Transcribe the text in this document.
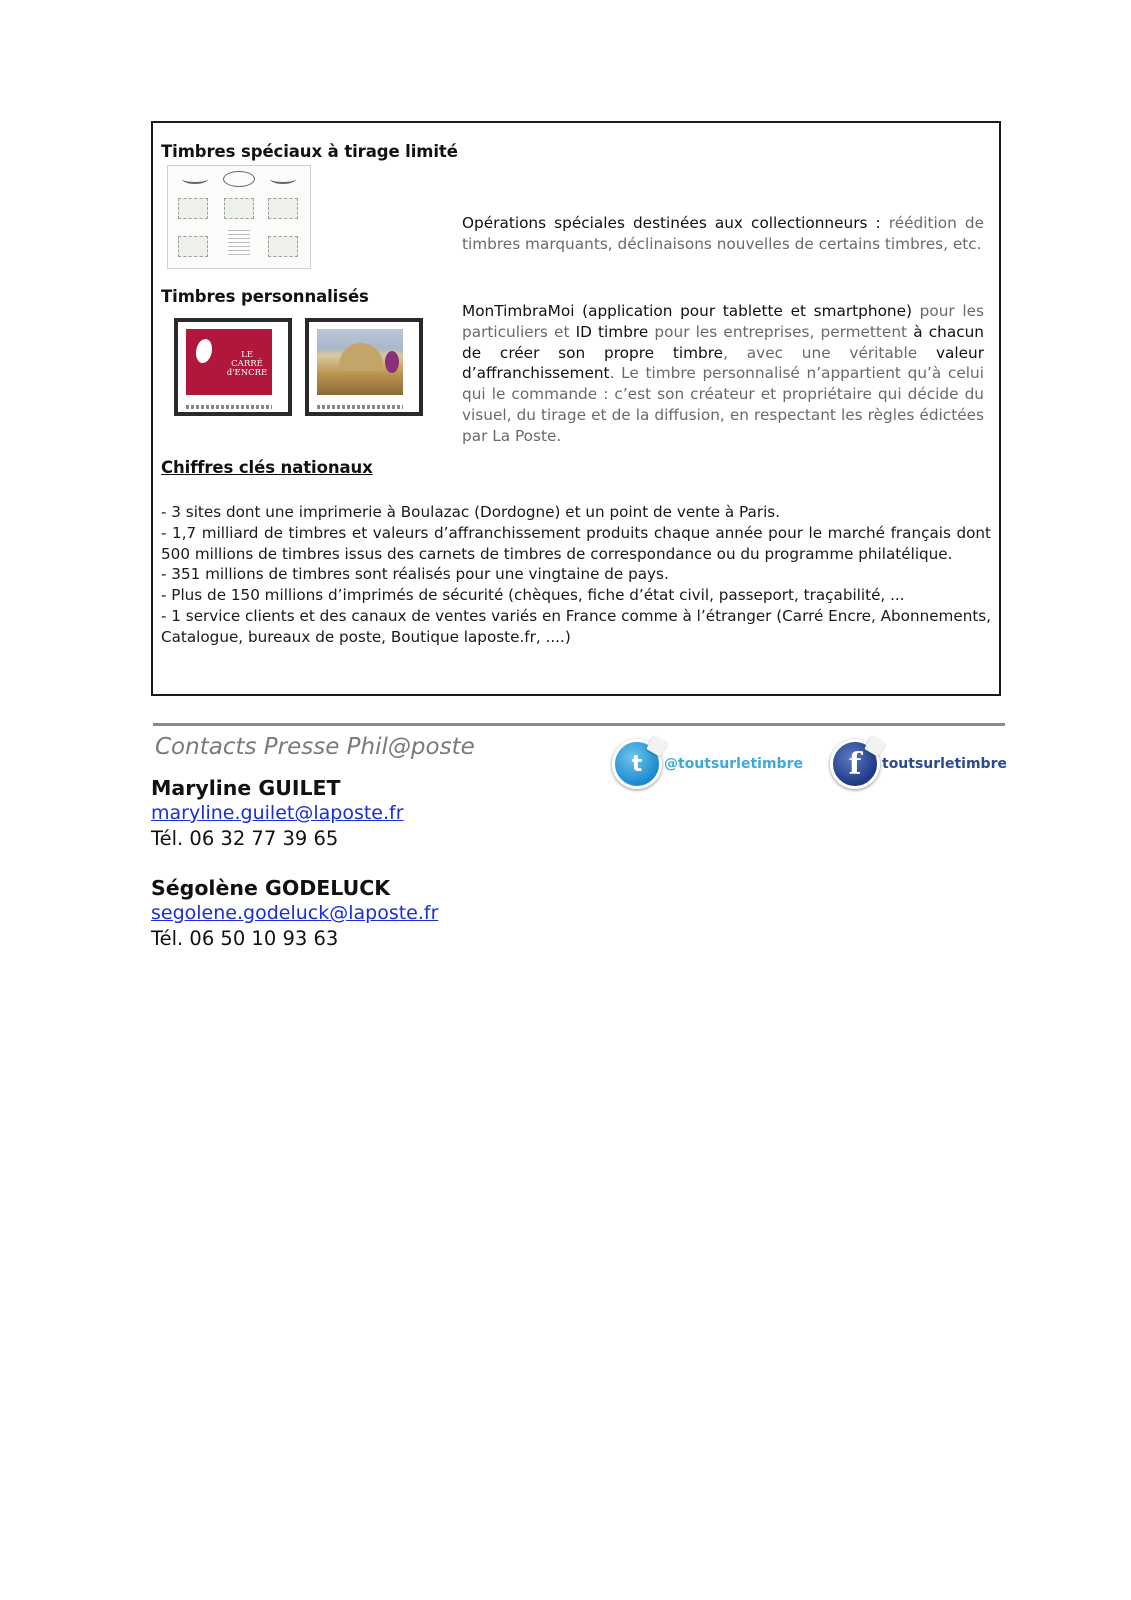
Timbres spéciaux à tirage limité
Timbres personnalisés
LE
CARRÉ
d'ENCRE

Opérations spéciales destinées aux collectionneurs : réédition de timbres marquants, déclinaisons nouvelles de certains timbres, etc.

MonTimbraMoi (application pour tablette et smartphone) pour les particuliers et ID timbre pour les entreprises, permettent à chacun de créer son propre timbre, avec une véritable valeur d’affranchissement. Le timbre personnalisé n’appartient qu’à celui qui le commande : c’est son créateur et propriétaire qui décide du visuel, du tirage et de la diffusion, en respectant les règles édictées par La Poste.

Chiffres clés nationaux
- 3 sites dont une imprimerie à Boulazac (Dordogne) et un point de vente à Paris.
- 1,7 milliard de timbres et valeurs d’affranchissement produits chaque année pour le marché français dont 500 millions de timbres issus des carnets de timbres de correspondance ou du programme philatélique.
- 351 millions de timbres sont réalisés pour une vingtaine de pays.
- Plus de 150 millions d’imprimés de sécurité (chèques, fiche d’état civil, passeport, traçabilité, ...
- 1 service clients et des canaux de ventes variés en France comme à l’étranger (Carré Encre, Abonnements, Catalogue, bureaux de poste, Boutique laposte.fr, ....)
Contacts Presse Phil@poste
t	@toutsurletimbre	f	toutsurletimbre
Maryline GUILET
maryline.guilet@laposte.fr
Tél. 06 32 77 39 65
Ségolène GODELUCK
segolene.godeluck@laposte.fr
Tél. 06 50 10 93 63
